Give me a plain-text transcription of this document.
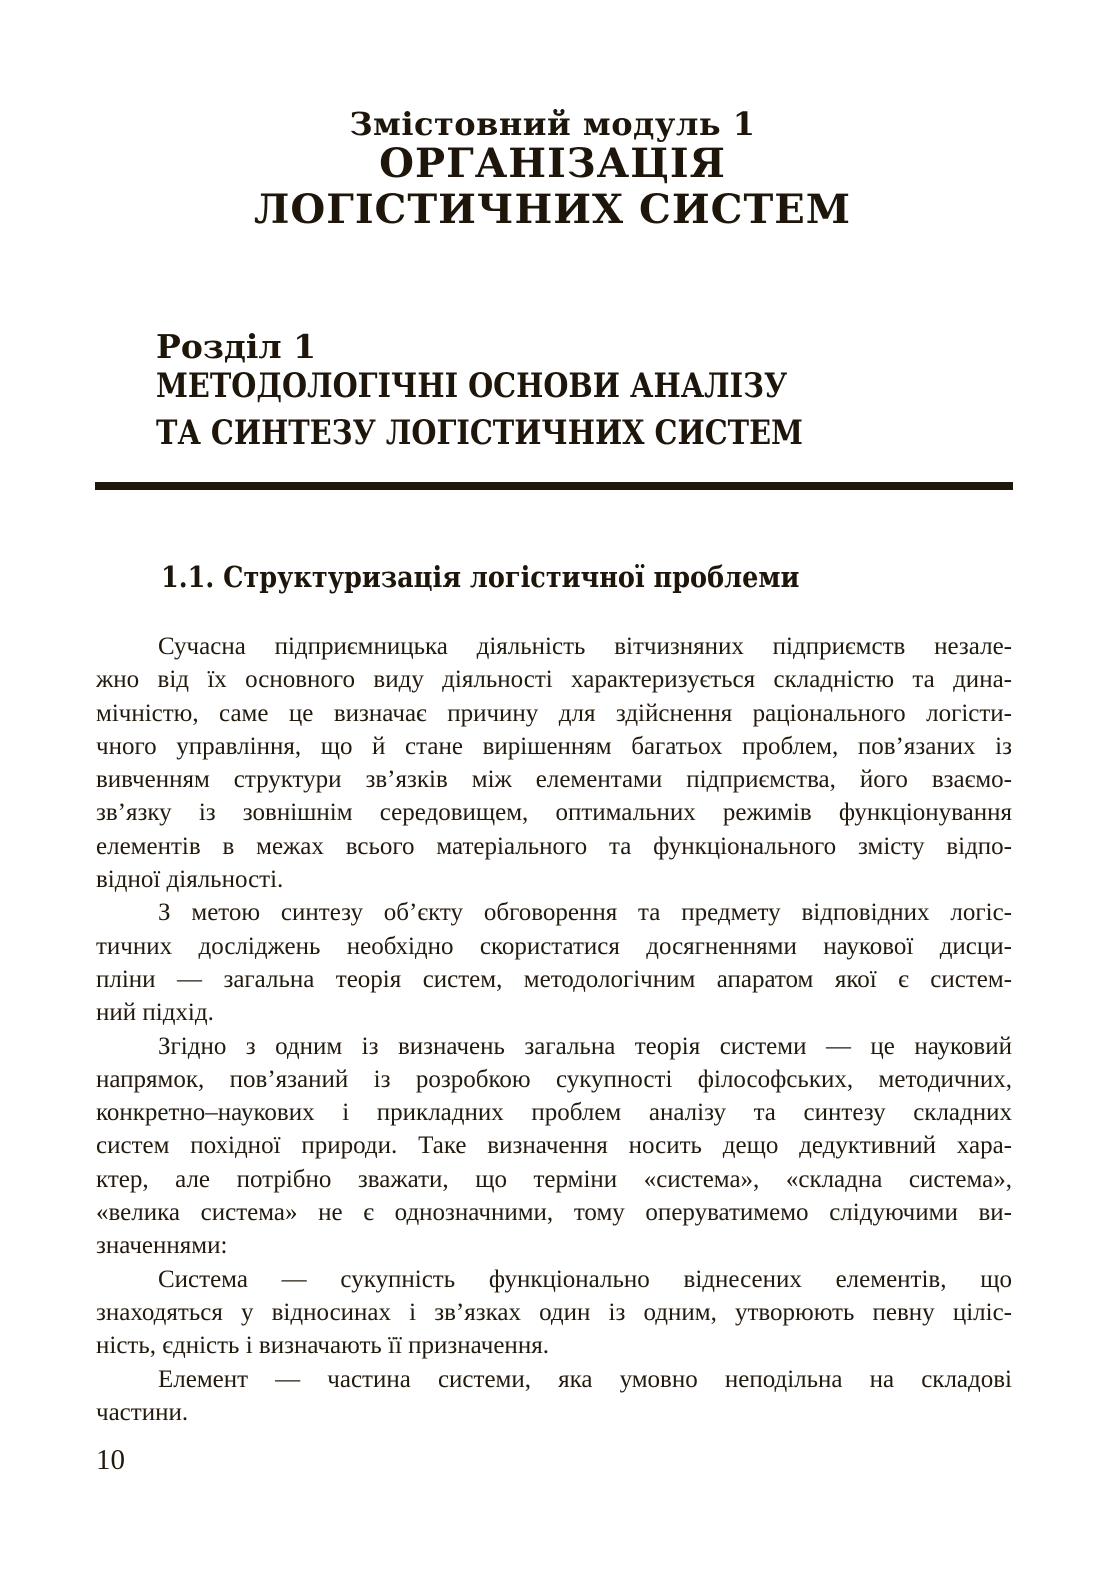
Змістовний модуль 1
ОРГАНІЗАЦІЯ
ЛОГІСТИЧНИХ СИСТЕМ
Розділ 1
МЕТОДОЛОГІЧНІ ОСНОВИ АНАЛІЗУ
ТА СИНТЕЗУ ЛОГІСТИЧНИХ СИСТЕМ
1.1. Структуризація логістичної проблеми
Сучасна підприємницька діяльність вітчизняних підприємств незале-
жно від їх основного виду діяльності характеризується складністю та дина-
мічністю, саме це визначає причину для здійснення раціонального логісти-
чного управління, що й стане вирішенням багатьох проблем, пов’язаних із
вивченням структури зв’язків між елементами підприємства, його взаємо-
зв’язку із зовнішнім середовищем, оптимальних режимів функціонування
елементів в межах всього матеріального та функціонального змісту відпо-
відної діяльності.
З метою синтезу об’єкту обговорення та предмету відповідних логіс-
тичних досліджень необхідно скористатися досягненнями наукової дисци-
пліни — загальна теорія систем, методологічним апаратом якої є систем-
ний підхід.
Згідно з одним із визначень загальна теорія системи — це науковий
напрямок, пов’язаний із розробкою сукупності філософських, методичних,
конкретно–наукових і прикладних проблем аналізу та синтезу складних
систем похідної природи. Таке визначення носить дещо дедуктивний хара-
ктер, але потрібно зважати, що терміни «система», «складна система»,
«велика система» не є однозначними, тому оперуватимемо слідуючими ви-
значеннями:
Система — сукупність функціонально віднесених елементів, що
знаходяться у відносинах і зв’язках один із одним, утворюють певну ціліс-
ність, єдність і визначають її призначення.
Елемент — частина системи, яка умовно неподільна на складові
частини.
10
